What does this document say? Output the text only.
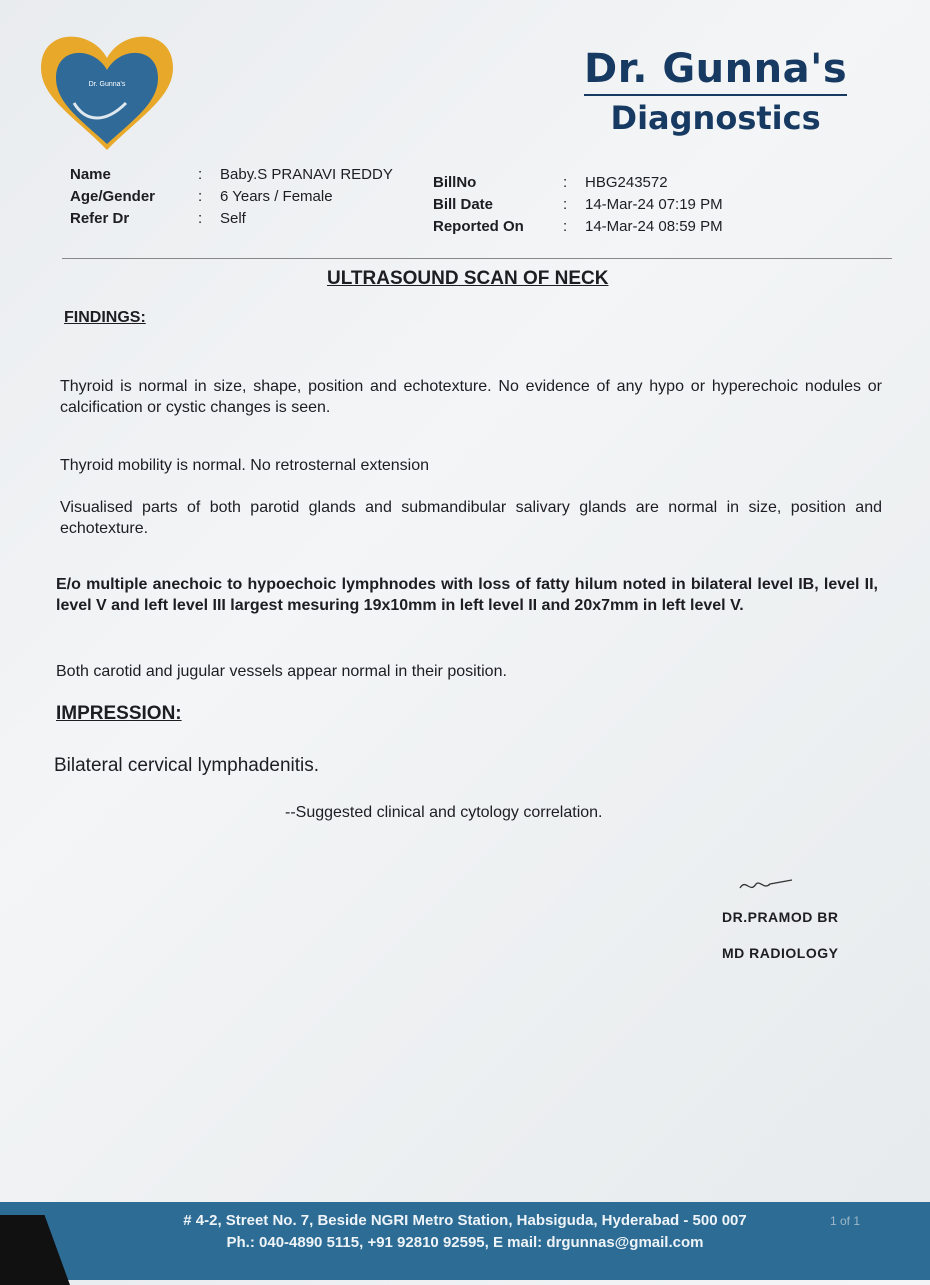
Dr. Gunna's	Dr. Gunna's
Diagnostics
Name	: Baby.S PRANAVI REDDY
Age/Gender	: 6 Years / Female
Refer Dr	: Self
BillNo	: HBG243572
Bill Date	: 14-Mar-24 07:19 PM
Reported On	: 14-Mar-24 08:59 PM
ULTRASOUND SCAN OF NECK
FINDINGS:
Thyroid is normal in size, shape, position and echotexture. No evidence of any hypo or hyperechoic nodules or calcification or cystic changes is seen.
Thyroid mobility is normal. No retrosternal extension
Visualised parts of both parotid glands and submandibular salivary glands are normal in size, position and echotexture.
E/o multiple anechoic to hypoechoic lymphnodes with loss of fatty hilum noted in bilateral level IB, level II, level V and left level III largest mesuring 19x10mm in left level II and 20x7mm in left level V.
Both carotid and jugular vessels appear normal in their position.
IMPRESSION:
Bilateral cervical lymphadenitis.
--Suggested clinical and cytology correlation.
DR.PRAMOD BR
MD RADIOLOGY
# 4-2, Street No. 7, Beside NGRI Metro Station, Habsiguda, Hyderabad - 500 007
Ph.: 040-4890 5115, +91 92810 92595, E mail: drgunnas@gmail.com
1 of 1
